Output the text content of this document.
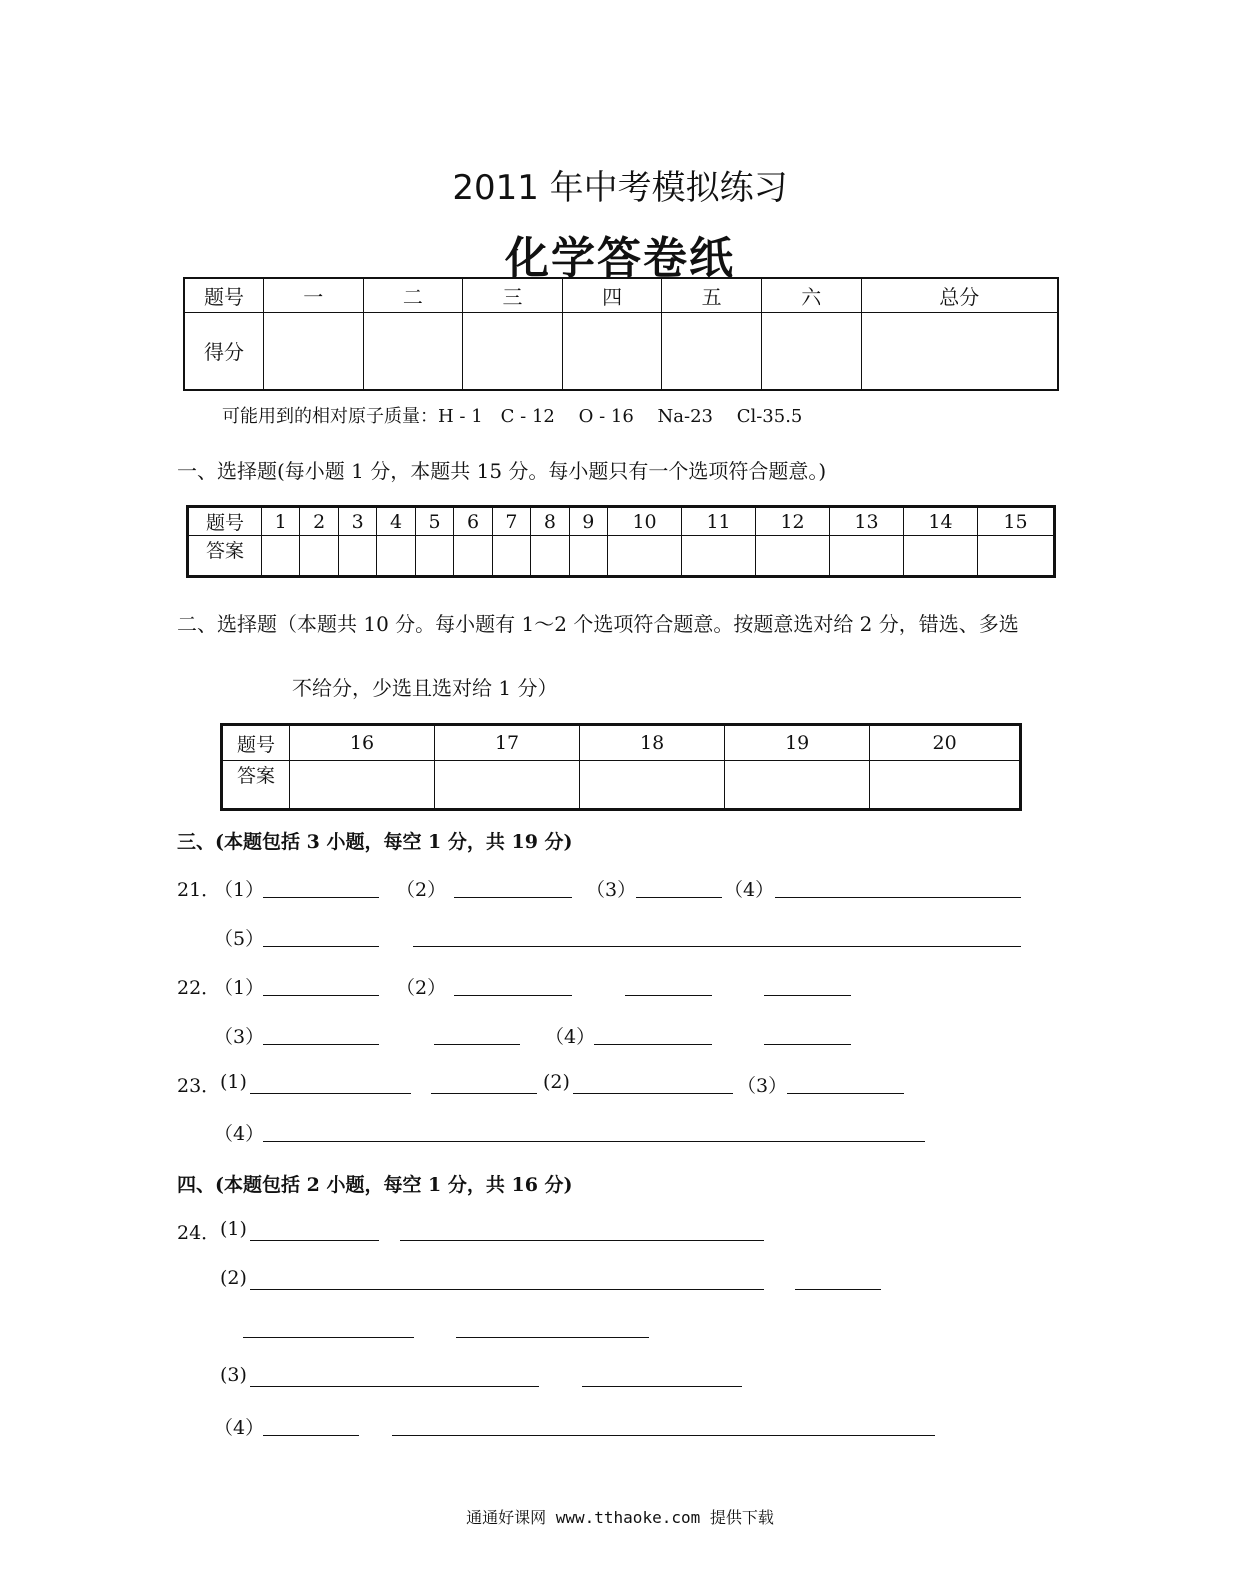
2011 年中考模拟练习
化学答卷纸
题号	一	二	三	四	五	六	总分
得分							
可能用到的相对原子质量：H - 1　C - 12　 O - 16 　Na-23　 Cl-35.5
一、选择题(每小题 1 分，本题共 15 分。每小题只有一个选项符合题意。)
题号	1	2	3	4	5	6	7	8	9	10	11	12	13	14	15
答案															
二、选择题（本题共 10 分。每小题有 1～2 个选项符合题意。按题意选对给 2 分，错选、多选
不给分，少选且选对给 1 分）
题号	16	17	18	19	20
答案					
三、(本题包括 3 小题，每空 1 分，共 19 分)
21．
（1）	（2）	（3）	（4）
（5）
22．
（1）	（2）
（3）	（4）
23． (1)	(2)	（3）
（4）
四、(本题包括 2 小题，每空 1 分，共 16 分)
24． (1)
(2)
(3)
（4）
通通好课网 www.tthaoke.com 提供下载
